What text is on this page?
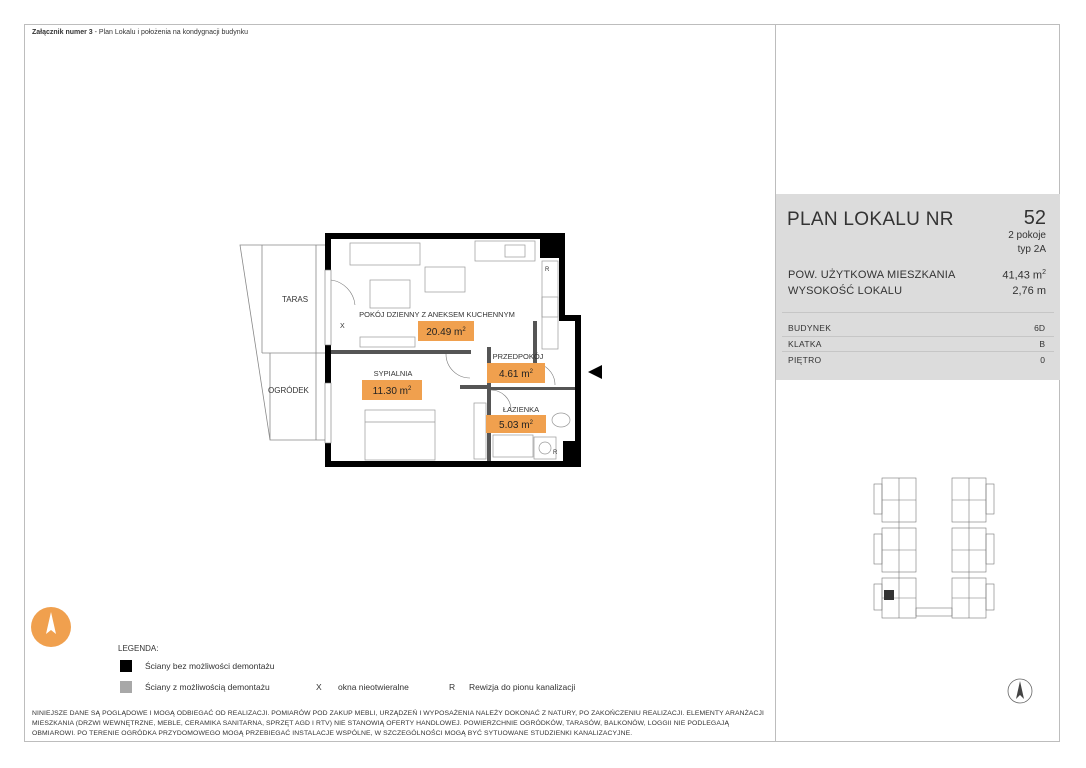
Załącznik numer 3 - Plan Lokalu i położenia na kondygnacji budynku
PLAN LOKALU NR	52
2 pokoje
typ 2A
POW. UŻYTKOWA MIESZKANIA	41,43 $m^2$
WYSOKOŚĆ LOKALU	2,76 m
BUDYNEK	6D
KLATKA	B
PIĘTRO	0
TARAS
OGRÓDEK
POKÓJ DZIENNY Z ANEKSEM KUCHENNYM
20.49 $m^2$
PRZEDPOKÓJ
4.61 $m^2$
SYPIALNIA
11.30 $m^2$
ŁAZIENKA
5.03 $m^2$
X
R
R
LEGENDA:
Ściany bez możliwości demontażu
Ściany z możliwością demontażu	X okna nieotwieralne	R Rewizja do pionu kanalizacji
NINIEJSZE DANE SĄ POGLĄDOWE I MOGĄ ODBIEGAĆ OD REALIZACJI. POMIARÓW POD ZAKUP MEBLI, URZĄDZEŃ I WYPOSAŻENIA NALEŻY DOKONAĆ Z NATURY, PO ZAKOŃCZENIU REALIZACJI. ELEMENTY ARANŻACJI MIESZKANIA (DRZWI WEWNĘTRZNE, MEBLE, CERAMIKA SANITARNA, SPRZĘT AGD I RTV) NIE STANOWIĄ OFERTY HANDLOWEJ. POWIERZCHNIE OGRÓDKÓW, TARASÓW, BALKONÓW, LOGGII NIE PODLEGAJĄ OBMIAROWI. PO TERENIE OGRÓDKA PRZYDOMOWEGO MOGĄ PRZEBIEGAĆ INSTALACJE WSPÓLNE, W SZCZEGÓLNOŚCI MOGĄ BYĆ SYTUOWANE STUDZIENKI KANALIZACYJNE.
